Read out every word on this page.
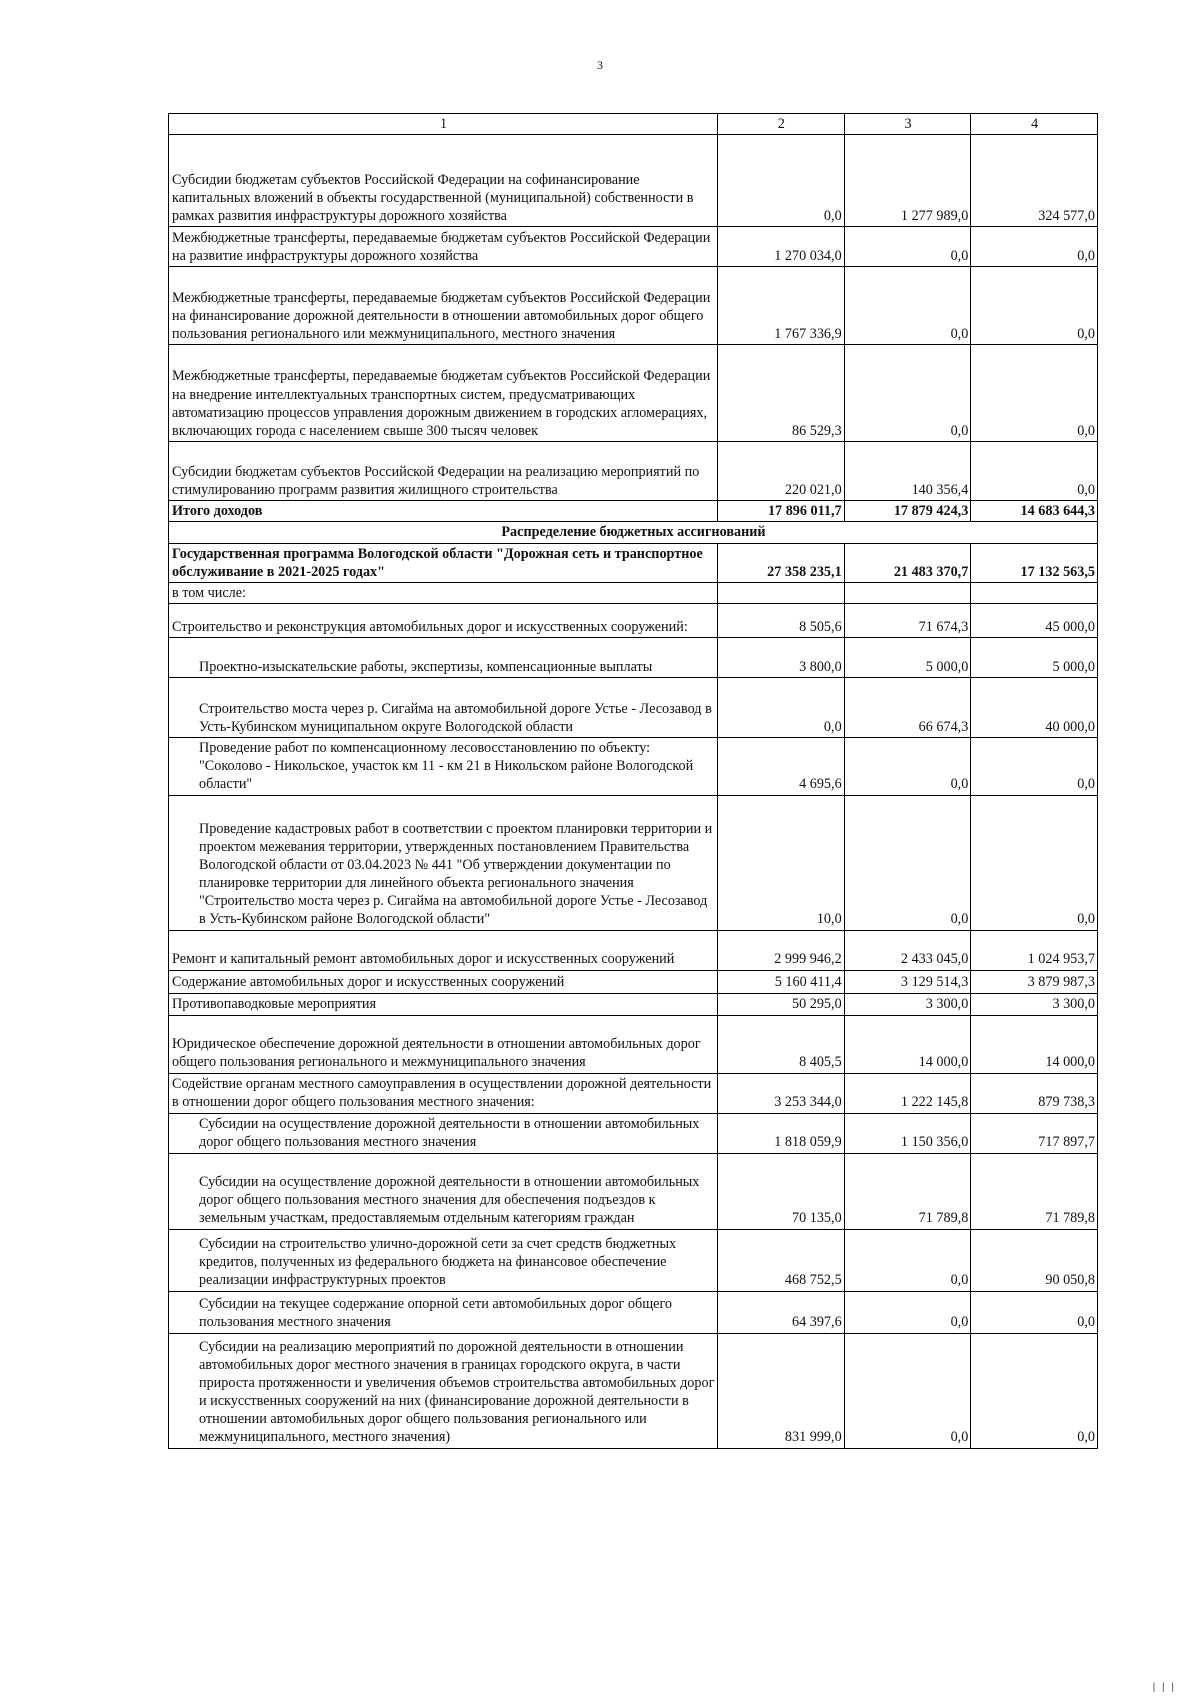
3
1	2	3	4
Субсидии бюджетам субъектов Российской Федерации на софинансирование капитальных вложений в объекты государственной (муниципальной) собственности в рамках развития инфраструктуры дорожного хозяйства	0,0	1 277 989,0	324 577,0
Межбюджетные трансферты, передаваемые бюджетам субъектов Российской Федерации на развитие инфраструктуры дорожного хозяйства	1 270 034,0	0,0	0,0
Межбюджетные трансферты, передаваемые бюджетам субъектов Российской Федерации на финансирование дорожной деятельности в отношении автомобильных дорог общего пользования регионального или межмуниципального, местного значения	1 767 336,9	0,0	0,0
Межбюджетные трансферты, передаваемые бюджетам субъектов Российской Федерации на внедрение интеллектуальных транспортных систем, предусматривающих автоматизацию процессов управления дорожным движением в городских агломерациях, включающих города с населением свыше 300 тысяч человек	86 529,3	0,0	0,0
Субсидии бюджетам субъектов Российской Федерации на реализацию мероприятий по стимулированию программ развития жилищного строительства	220 021,0	140 356,4	0,0
Итого доходов	17 896 011,7	17 879 424,3	14 683 644,3
Распределение бюджетных ассигнований			
Государственная программа Вологодской области "Дорожная сеть и транспортное обслуживание в 2021-2025 годах"	27 358 235,1	21 483 370,7	17 132 563,5
в том числе:			
Строительство и реконструкция автомобильных дорог и искусственных сооружений:	8 505,6	71 674,3	45 000,0
Проектно-изыскательские работы, экспертизы, компенсационные выплаты	3 800,0	5 000,0	5 000,0
Строительство моста через р. Сигайма на автомобильной дороге Устье - Лесозавод в Усть-Кубинском муниципальном округе Вологодской области	0,0	66 674,3	40 000,0
Проведение работ по компенсационному лесовосстановлению по объекту: "Соколово - Никольское, участок км 11 - км 21 в Никольском районе Вологодской области"	4 695,6	0,0	0,0
Проведение кадастровых работ в соответствии с проектом планировки территории и проектом межевания территории, утвержденных постановлением Правительства Вологодской области от 03.04.2023 № 441 "Об утверждении документации по планировке территории для линейного объекта регионального значения "Строительство моста через р. Сигайма на автомобильной дороге Устье - Лесозавод в Усть-Кубинском районе Вологодской области"	10,0	0,0	0,0
Ремонт и капитальный ремонт автомобильных дорог и искусственных сооружений	2 999 946,2	2 433 045,0	1 024 953,7
Содержание автомобильных дорог и искусственных сооружений	5 160 411,4	3 129 514,3	3 879 987,3
Противопаводковые мероприятия	50 295,0	3 300,0	3 300,0
Юридическое обеспечение дорожной деятельности в отношении автомобильных дорог общего пользования регионального и межмуниципального значения	8 405,5	14 000,0	14 000,0
Содействие органам местного самоуправления в осуществлении дорожной деятельности в отношении дорог общего пользования местного значения:	3 253 344,0	1 222 145,8	879 738,3
Субсидии на осуществление дорожной деятельности в отношении автомобильных дорог общего пользования местного значения	1 818 059,9	1 150 356,0	717 897,7
Субсидии на осуществление дорожной деятельности в отношении автомобильных дорог общего пользования местного значения для обеспечения подъездов к земельным участкам, предоставляемым отдельным категориям граждан	70 135,0	71 789,8	71 789,8
Субсидии на строительство улично-дорожной сети за счет средств бюджетных кредитов, полученных из федерального бюджета на финансовое обеспечение реализации инфраструктурных проектов	468 752,5	0,0	90 050,8
Субсидии на текущее содержание опорной сети автомобильных дорог общего пользования местного значения	64 397,6	0,0	0,0
Субсидии на реализацию мероприятий по дорожной деятельности в отношении автомобильных дорог местного значения в границах городского округа, в части прироста протяженности и увеличения объемов строительства автомобильных дорог и искусственных сооружений на них (финансирование дорожной деятельности в отношении автомобильных дорог общего пользования регионального или межмуниципального, местного значения)	831 999,0	0,0	0,0
| | |
